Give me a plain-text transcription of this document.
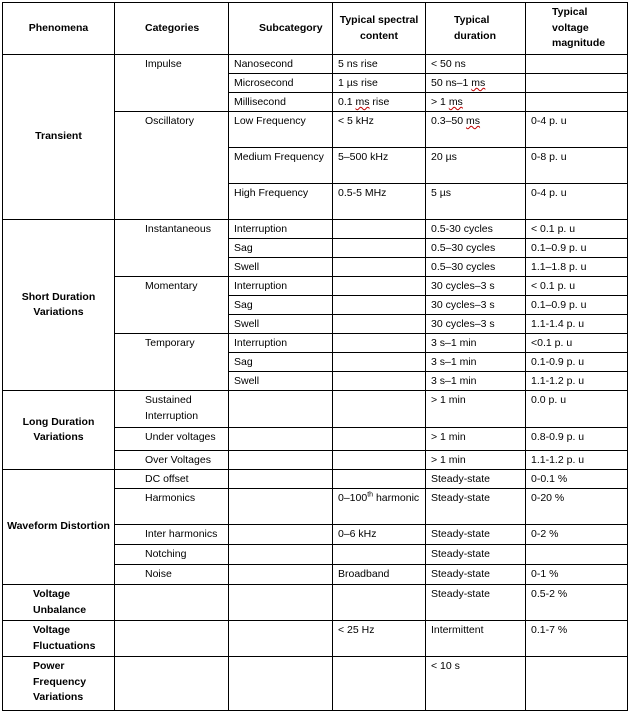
Phenomena	Categories	Subcategory	Typical spectral content	Typical duration	Typical voltage magnitude
Transient	Impulse	Nanosecond	5 ns rise	< 50 ns	
		Microsecond	1 µs rise	50 ns–1 ms	
		Millisecond	0.1 ms rise	> 1 ms	
	Oscillatory	Low Frequency	< 5 kHz	0.3–50 ms	0-4 p. u
		Medium Frequency	5–500 kHz	20 µs	0-8 p. u
		High Frequency	0.5-5 MHz	5 µs	0-4 p. u
Short Duration Variations	Instantaneous	Interruption		0.5-30 cycles	< 0.1 p. u
		Sag		0.5–30 cycles	0.1–0.9 p. u
		Swell		0.5–30 cycles	1.1–1.8 p. u
	Momentary	Interruption		30 cycles–3 s	< 0.1 p. u
		Sag		30 cycles–3 s	0.1–0.9 p. u
		Swell		30 cycles–3 s	1.1-1.4 p. u
	Temporary	Interruption		3 s–1 min	<0.1 p. u
		Sag		3 s–1 min	0.1-0.9 p. u
		Swell		3 s–1 min	1.1-1.2 p. u
Long Duration Variations	Sustained Interruption			> 1 min	0.0 p. u
	Under voltages			> 1 min	0.8-0.9 p. u
	Over Voltages			> 1 min	1.1-1.2 p. u
Waveform Distortion	DC offset			Steady-state	0-0.1 %
	Harmonics		0–100th harmonic	Steady-state	0-20 %
	Inter harmonics		0–6 kHz	Steady-state	0-2 %
	Notching			Steady-state	
	Noise		Broadband	Steady-state	0-1 %
Voltage Unbalance				Steady-state	0.5-2 %
Voltage Fluctuations			< 25 Hz	Intermittent	0.1-7 %
Power Frequency Variations				< 10 s	
